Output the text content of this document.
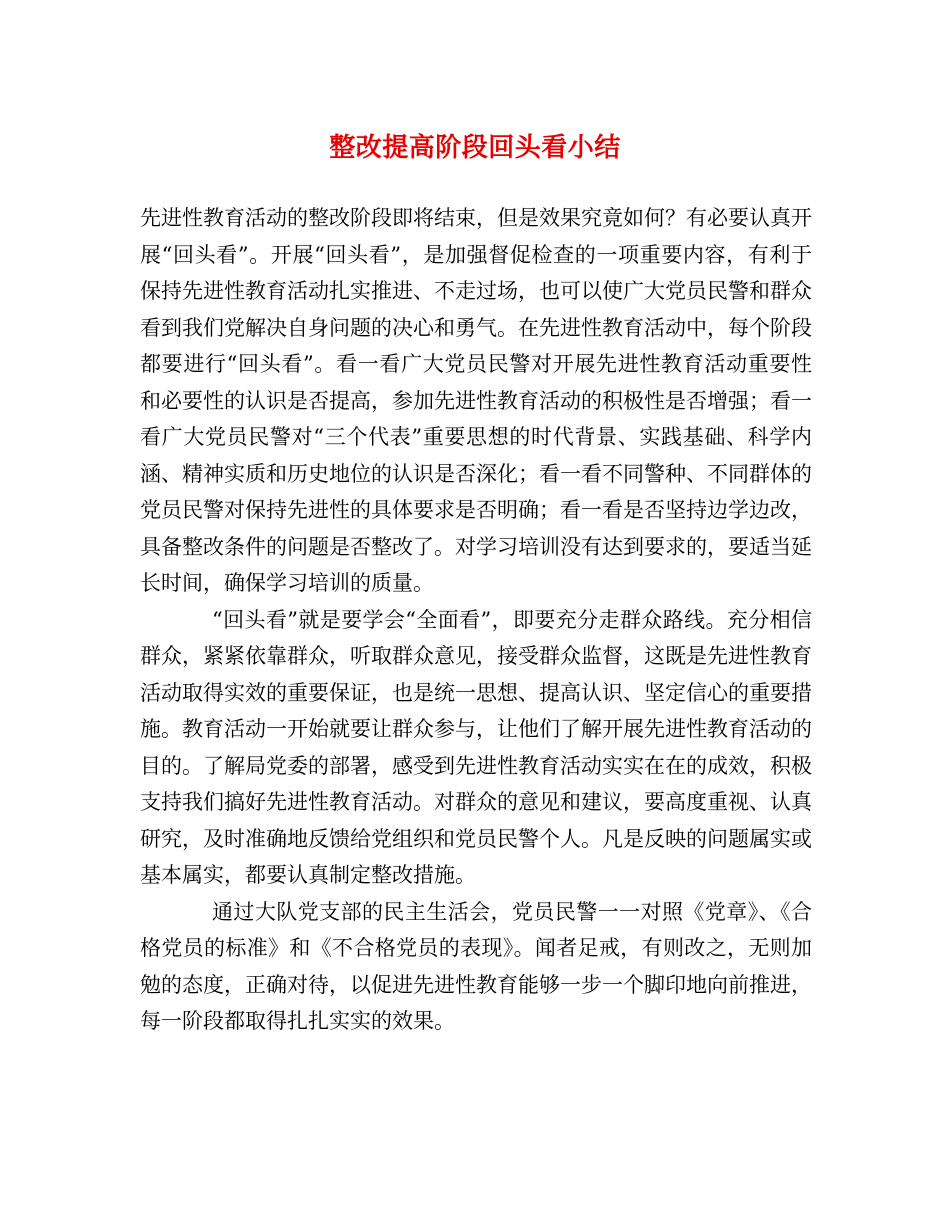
整改提高阶段回头看小结

先进性教育活动的整改阶段即将结束，但是效果究竟如何？有必要认真开展“回头看”。开展“回头看”，是加强督促检查的一项重要内容，有利于保持先进性教育活动扎实推进、不走过场，也可以使广大党员民警和群众看到我们党解决自身问题的决心和勇气。在先进性教育活动中，每个阶段都要进行“回头看”。看一看广大党员民警对开展先进性教育活动重要性和必要性的认识是否提高，参加先进性教育活动的积极性是否增强；看一看广大党员民警对“三个代表”重要思想的时代背景、实践基础、科学内涵、精神实质和历史地位的认识是否深化；看一看不同警种、不同群体的党员民警对保持先进性的具体要求是否明确；看一看是否坚持边学边改，具备整改条件的问题是否整改了。对学习培训没有达到要求的，要适当延长时间，确保学习培训的质量。

“回头看”就是要学会“全面看”，即要充分走群众路线。充分相信群众，紧紧依靠群众，听取群众意见，接受群众监督，这既是先进性教育活动取得实效的重要保证，也是统一思想、提高认识、坚定信心的重要措施。教育活动一开始就要让群众参与，让他们了解开展先进性教育活动的目的。了解局党委的部署，感受到先进性教育活动实实在在的成效，积极支持我们搞好先进性教育活动。对群众的意见和建议，要高度重视、认真研究，及时准确地反馈给党组织和党员民警个人。凡是反映的问题属实或基本属实，都要认真制定整改措施。

通过大队党支部的民主生活会，党员民警一一对照《党章》、《合格党员的标准》和《不合格党员的表现》。闻者足戒，有则改之，无则加勉的态度，正确对待，以促进先进性教育能够一步一个脚印地向前推进，每一阶段都取得扎扎实实的效果。
